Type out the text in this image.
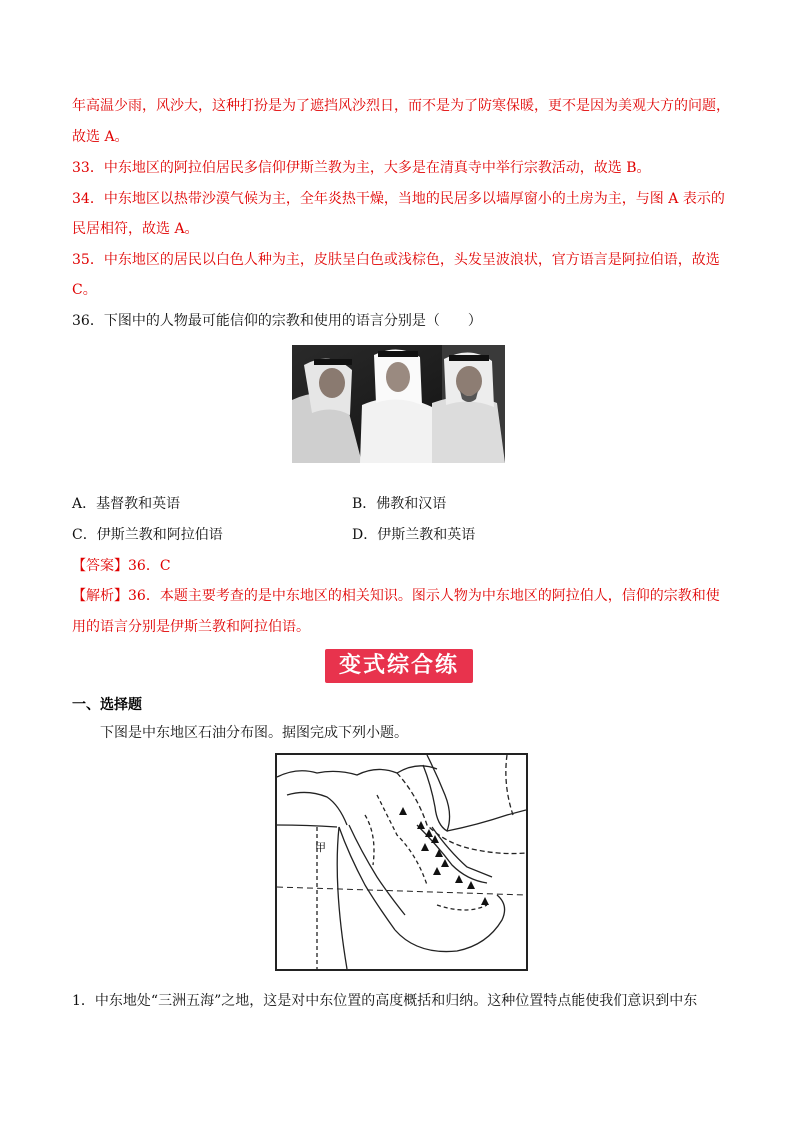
年高温少雨，风沙大，这种打扮是为了遮挡风沙烈日，而不是为了防寒保暖，更不是因为美观大方的问题，
故选 A。
33．中东地区的阿拉伯居民多信仰伊斯兰教为主，大多是在清真寺中举行宗教活动，故选 B。
34．中东地区以热带沙漠气候为主，全年炎热干燥，当地的民居多以墙厚窗小的土房为主，与图 A 表示的
民居相符，故选 A。
35．中东地区的居民以白色人种为主，皮肤呈白色或浅棕色，头发呈波浪状，官方语言是阿拉伯语，故选
C。
36．下图中的人物最可能信仰的宗教和使用的语言分别是（　　）
A．基督教和英语	B．佛教和汉语
C．伊斯兰教和阿拉伯语	D．伊斯兰教和英语
【答案】36．C
【解析】36．本题主要考查的是中东地区的相关知识。图示人物为中东地区的阿拉伯人，信仰的宗教和使
用的语言分别是伊斯兰教和阿拉伯语。
变式综合练
一、选择题
下图是中东地区石油分布图。据图完成下列小题。
甲
1．中东地处“三洲五海”之地，这是对中东位置的高度概括和归纳。这种位置特点能使我们意识到中东
